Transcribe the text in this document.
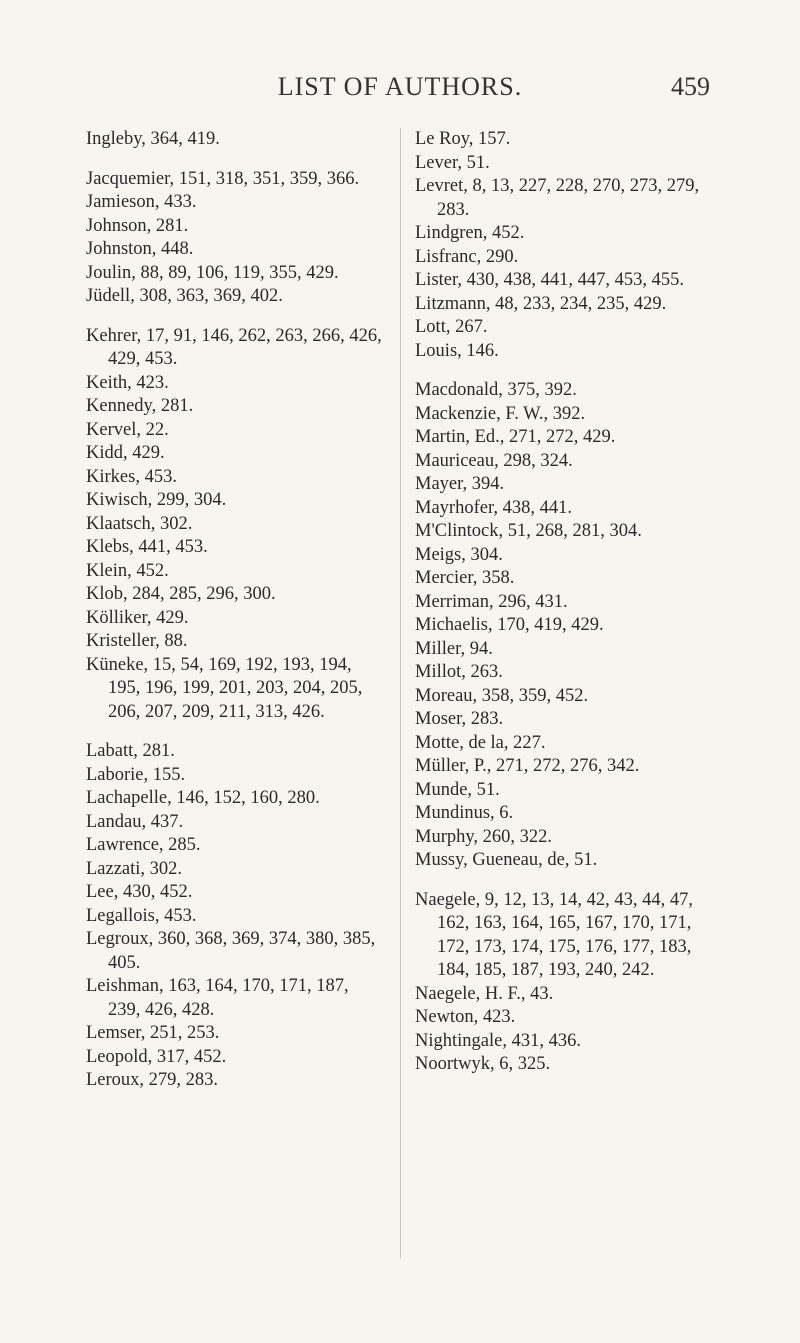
LIST OF AUTHORS.	459
Ingleby, 364, 419.
Jacquemier, 151, 318, 351, 359, 366.
Jamieson, 433.
Johnson, 281.
Johnston, 448.
Joulin, 88, 89, 106, 119, 355, 429.
Jüdell, 308, 363, 369, 402.
Kehrer, 17, 91, 146, 262, 263, 266, 426, 429, 453.
Keith, 423.
Kennedy, 281.
Kervel, 22.
Kidd, 429.
Kirkes, 453.
Kiwisch, 299, 304.
Klaatsch, 302.
Klebs, 441, 453.
Klein, 452.
Klob, 284, 285, 296, 300.
Kölliker, 429.
Kristeller, 88.
Küneke, 15, 54, 169, 192, 193, 194, 195, 196, 199, 201, 203, 204, 205, 206, 207, 209, 211, 313, 426.
Labatt, 281.
Laborie, 155.
Lachapelle, 146, 152, 160, 280.
Landau, 437.
Lawrence, 285.
Lazzati, 302.
Lee, 430, 452.
Legallois, 453.
Legroux, 360, 368, 369, 374, 380, 385, 405.
Leishman, 163, 164, 170, 171, 187, 239, 426, 428.
Lemser, 251, 253.
Leopold, 317, 452.
Leroux, 279, 283.
Le Roy, 157.
Lever, 51.
Levret, 8, 13, 227, 228, 270, 273, 279, 283.
Lindgren, 452.
Lisfranc, 290.
Lister, 430, 438, 441, 447, 453, 455.
Litzmann, 48, 233, 234, 235, 429.
Lott, 267.
Louis, 146.
Macdonald, 375, 392.
Mackenzie, F. W., 392.
Martin, Ed., 271, 272, 429.
Mauriceau, 298, 324.
Mayer, 394.
Mayrhofer, 438, 441.
M'Clintock, 51, 268, 281, 304.
Meigs, 304.
Mercier, 358.
Merriman, 296, 431.
Michaelis, 170, 419, 429.
Miller, 94.
Millot, 263.
Moreau, 358, 359, 452.
Moser, 283.
Motte, de la, 227.
Müller, P., 271, 272, 276, 342.
Munde, 51.
Mundinus, 6.
Murphy, 260, 322.
Mussy, Gueneau, de, 51.
Naegele, 9, 12, 13, 14, 42, 43, 44, 47, 162, 163, 164, 165, 167, 170, 171, 172, 173, 174, 175, 176, 177, 183, 184, 185, 187, 193, 240, 242.
Naegele, H. F., 43.
Newton, 423.
Nightingale, 431, 436.
Noortwyk, 6, 325.
